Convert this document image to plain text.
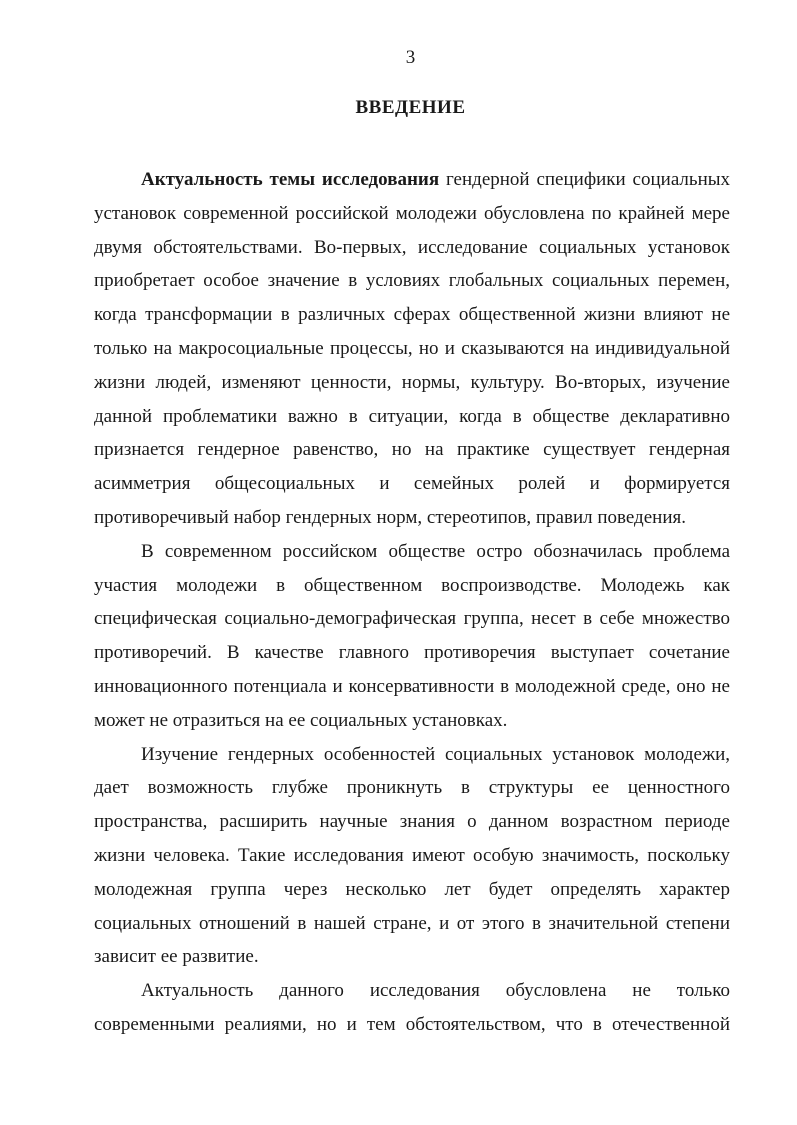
3
ВВЕДЕНИЕ
Актуальность темы исследования гендерной специфики социальных
установок современной российской молодежи обусловлена по крайней мере
двумя обстоятельствами. Во-первых, исследование социальных установок
приобретает особое значение в условиях глобальных социальных перемен,
когда трансформации в различных сферах общественной жизни влияют не
только на макросоциальные процессы, но и сказываются на индивидуальной
жизни людей, изменяют ценности, нормы, культуру. Во-вторых, изучение
данной проблематики важно в ситуации, когда в обществе декларативно
признается гендерное равенство, но на практике существует гендерная
асимметрия общесоциальных и семейных ролей и формируется
противоречивый набор гендерных норм, стереотипов, правил поведения.
В современном российском обществе остро обозначилась проблема
участия молодежи в общественном воспроизводстве. Молодежь как
специфическая социально-демографическая группа, несет в себе множество
противоречий. В качестве главного противоречия выступает сочетание
инновационного потенциала и консервативности в молодежной среде, оно не
может не отразиться на ее социальных установках.
Изучение гендерных особенностей социальных установок молодежи,
дает возможность глубже проникнуть в структуры ее ценностного
пространства, расширить научные знания о данном возрастном периоде
жизни человека. Такие исследования имеют особую значимость, поскольку
молодежная группа через несколько лет будет определять характер
социальных отношений в нашей стране, и от этого в значительной степени
зависит ее развитие.
Актуальность данного исследования обусловлена не только
современными реалиями, но и тем обстоятельством, что в отечественной
